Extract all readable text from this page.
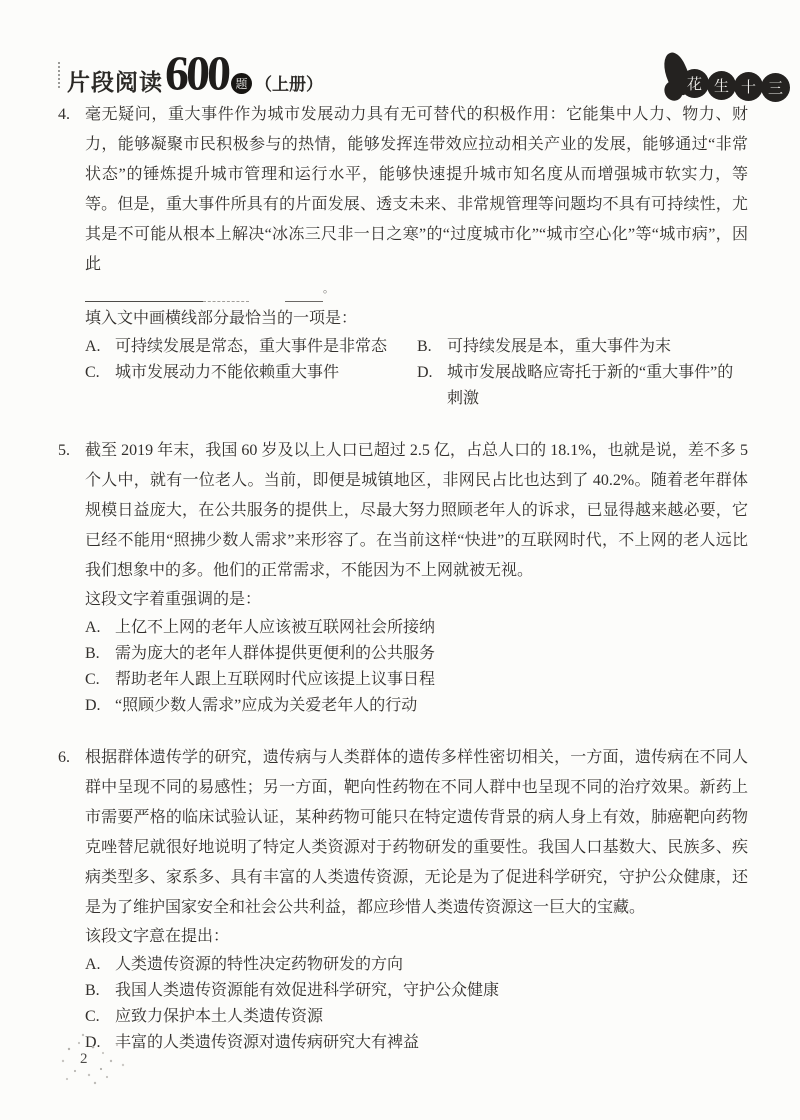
片段阅读 600 题 （上册）	花 生 十 三
4. 毫无疑问，重大事件作为城市发展动力具有无可替代的积极作用：它能集中人力、物力、财力，能够凝聚市民积极参与的热情，能够发挥连带效应拉动相关产业的发展，能够通过“非常状态”的锤炼提升城市管理和运行水平，能够快速提升城市知名度从而增强城市软实力，等等。但是，重大事件所具有的片面发展、透支未来、非常规管理等问题均不具有可持续性，尤其是不可能从根本上解决“冰冻三尺非一日之寒”的“过度城市化”“城市空心化”等“城市病”，因此

。

填入文中画横线部分最恰当的一项是：

A. 可持续发展是常态，重大事件是非常态	B. 可持续发展是本，重大事件为末
C. 城市发展动力不能依赖重大事件	D. 城市发展战略应寄托于新的“重大事件”的刺激
5. 截至 2019 年末，我国 60 岁及以上人口已超过 2.5 亿，占总人口的 18.1%，也就是说，差不多 5 个人中，就有一位老人。当前，即便是城镇地区，非网民占比也达到了 40.2%。随着老年群体规模日益庞大，在公共服务的提供上，尽最大努力照顾老年人的诉求，已显得越来越必要，它已经不能用“照拂少数人需求”来形容了。在当前这样“快进”的互联网时代，不上网的老人远比我们想象中的多。他们的正常需求，不能因为不上网就被无视。

这段文字着重强调的是：

A. 上亿不上网的老年人应该被互联网社会所接纳
B. 需为庞大的老年人群体提供更便利的公共服务
C. 帮助老年人跟上互联网时代应该提上议事日程
D. “照顾少数人需求”应成为关爱老年人的行动
6. 根据群体遗传学的研究，遗传病与人类群体的遗传多样性密切相关，一方面，遗传病在不同人群中呈现不同的易感性；另一方面，靶向性药物在不同人群中也呈现不同的治疗效果。新药上市需要严格的临床试验认证，某种药物可能只在特定遗传背景的病人身上有效，肺癌靶向药物克唑替尼就很好地说明了特定人类资源对于药物研发的重要性。我国人口基数大、民族多、疾病类型多、家系多、具有丰富的人类遗传资源，无论是为了促进科学研究，守护公众健康，还是为了维护国家安全和社会公共利益，都应珍惜人类遗传资源这一巨大的宝藏。

该段文字意在提出：

A. 人类遗传资源的特性决定药物研发的方向
B. 我国人类遗传资源能有效促进科学研究，守护公众健康
C. 应致力保护本土人类遗传资源
D. 丰富的人类遗传资源对遗传病研究大有裨益
2
